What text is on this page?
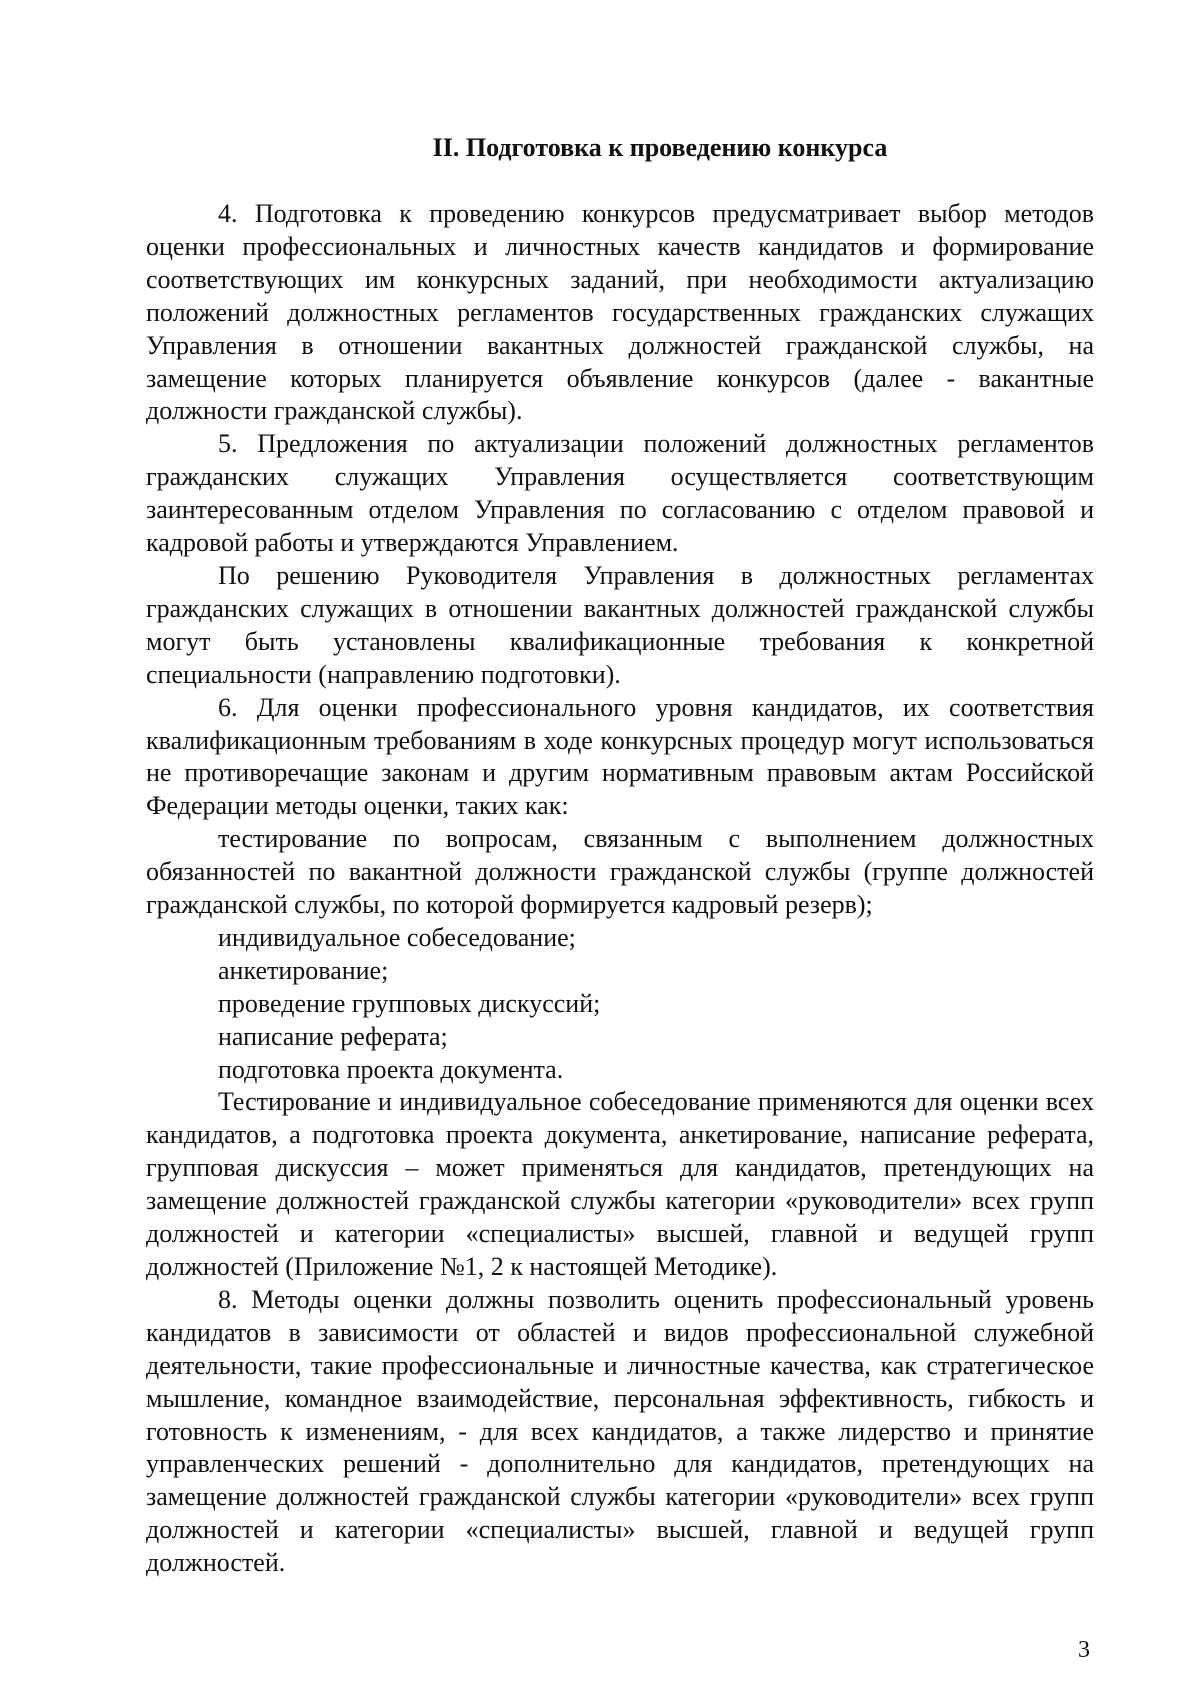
II. Подготовка к проведению конкурса

4. Подготовка к проведению конкурсов предусматривает выбор методов оценки профессиональных и личностных качеств кандидатов и формирование соответствующих им конкурсных заданий, при необходимости актуализацию положений должностных регламентов государственных гражданских служащих Управления в отношении вакантных должностей гражданской службы, на замещение которых планируется объявление конкурсов (далее - вакантные должности гражданской службы).

5. Предложения по актуализации положений должностных регламентов гражданских служащих Управления осуществляется соответствующим заинтересованным отделом Управления по согласованию с отделом правовой и кадровой работы и утверждаются Управлением.

По решению Руководителя Управления в должностных регламентах гражданских служащих в отношении вакантных должностей гражданской службы могут быть установлены квалификационные требования к конкретной специальности (направлению подготовки).

6. Для оценки профессионального уровня кандидатов, их соответствия квалификационным требованиям в ходе конкурсных процедур могут использоваться не противоречащие законам и другим нормативным правовым актам Российской Федерации методы оценки, таких как:

тестирование по вопросам, связанным с выполнением должностных обязанностей по вакантной должности гражданской службы (группе должностей гражданской службы, по которой формируется кадровый резерв);

индивидуальное собеседование;

анкетирование;

проведение групповых дискуссий;

написание реферата;

подготовка проекта документа.

Тестирование и индивидуальное собеседование применяются для оценки всех кандидатов, а подготовка проекта документа, анкетирование, написание реферата, групповая дискуссия – может применяться для кандидатов, претендующих на замещение должностей гражданской службы категории «руководители» всех групп должностей и категории «специалисты» высшей, главной и ведущей групп должностей (Приложение №1, 2 к настоящей Методике).

8. Методы оценки должны позволить оценить профессиональный уровень кандидатов в зависимости от областей и видов профессиональной служебной деятельности, такие профессиональные и личностные качества, как стратегическое мышление, командное взаимодействие, персональная эффективность, гибкость и готовность к изменениям, - для всех кандидатов, а также лидерство и принятие управленческих решений - дополнительно для кандидатов, претендующих на замещение должностей гражданской службы категории «руководители» всех групп должностей и категории «специалисты» высшей, главной и ведущей групп должностей.

3
